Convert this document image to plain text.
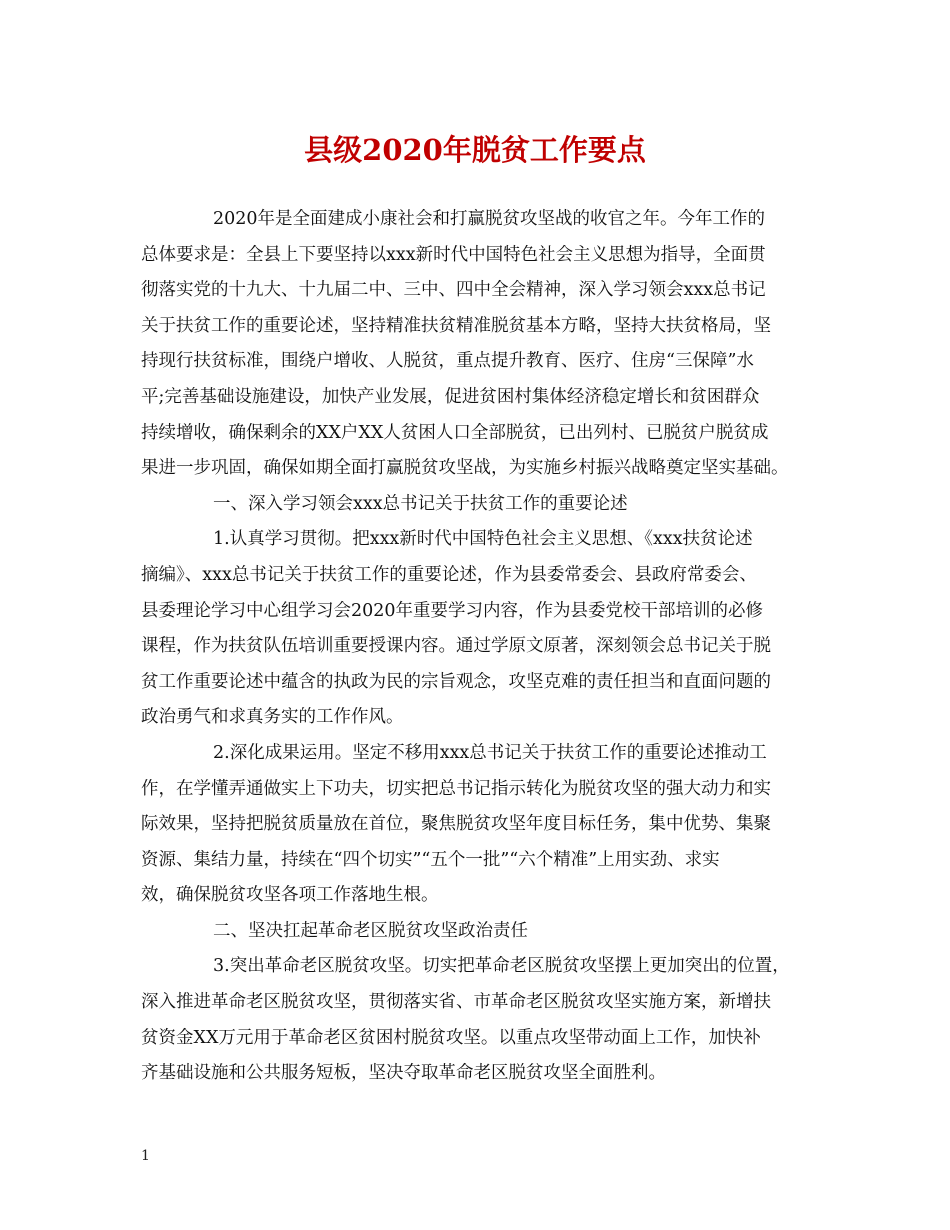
县级2020年脱贫工作要点
2020年是全面建成小康社会和打赢脱贫攻坚战的收官之年。今年工作的
总体要求是：全县上下要坚持以xxx新时代中国特色社会主义思想为指导，全面贯
彻落实党的十九大、十九届二中、三中、四中全会精神，深入学习领会xxx总书记
关于扶贫工作的重要论述，坚持精准扶贫精准脱贫基本方略，坚持大扶贫格局，坚
持现行扶贫标准，围绕户增收、人脱贫，重点提升教育、医疗、住房“三保障”水
平;完善基础设施建设，加快产业发展，促进贫困村集体经济稳定增长和贫困群众
持续增收，确保剩余的XX户XX人贫困人口全部脱贫，已出列村、已脱贫户脱贫成
果进一步巩固，确保如期全面打赢脱贫攻坚战，为实施乡村振兴战略奠定坚实基础。
一、深入学习领会xxx总书记关于扶贫工作的重要论述
1.认真学习贯彻。把xxx新时代中国特色社会主义思想、《xxx扶贫论述
摘编》、xxx总书记关于扶贫工作的重要论述，作为县委常委会、县政府常委会、
县委理论学习中心组学习会2020年重要学习内容，作为县委党校干部培训的必修
课程，作为扶贫队伍培训重要授课内容。通过学原文原著，深刻领会总书记关于脱
贫工作重要论述中蕴含的执政为民的宗旨观念，攻坚克难的责任担当和直面问题的
政治勇气和求真务实的工作作风。
2.深化成果运用。坚定不移用xxx总书记关于扶贫工作的重要论述推动工
作，在学懂弄通做实上下功夫，切实把总书记指示转化为脱贫攻坚的强大动力和实
际效果，坚持把脱贫质量放在首位，聚焦脱贫攻坚年度目标任务，集中优势、集聚
资源、集结力量，持续在“四个切实”“五个一批”“六个精准”上用实劲、求实
效，确保脱贫攻坚各项工作落地生根。
二、坚决扛起革命老区脱贫攻坚政治责任
3.突出革命老区脱贫攻坚。切实把革命老区脱贫攻坚摆上更加突出的位置，
深入推进革命老区脱贫攻坚，贯彻落实省、市革命老区脱贫攻坚实施方案，新增扶
贫资金XX万元用于革命老区贫困村脱贫攻坚。以重点攻坚带动面上工作，加快补
齐基础设施和公共服务短板，坚决夺取革命老区脱贫攻坚全面胜利。
1
